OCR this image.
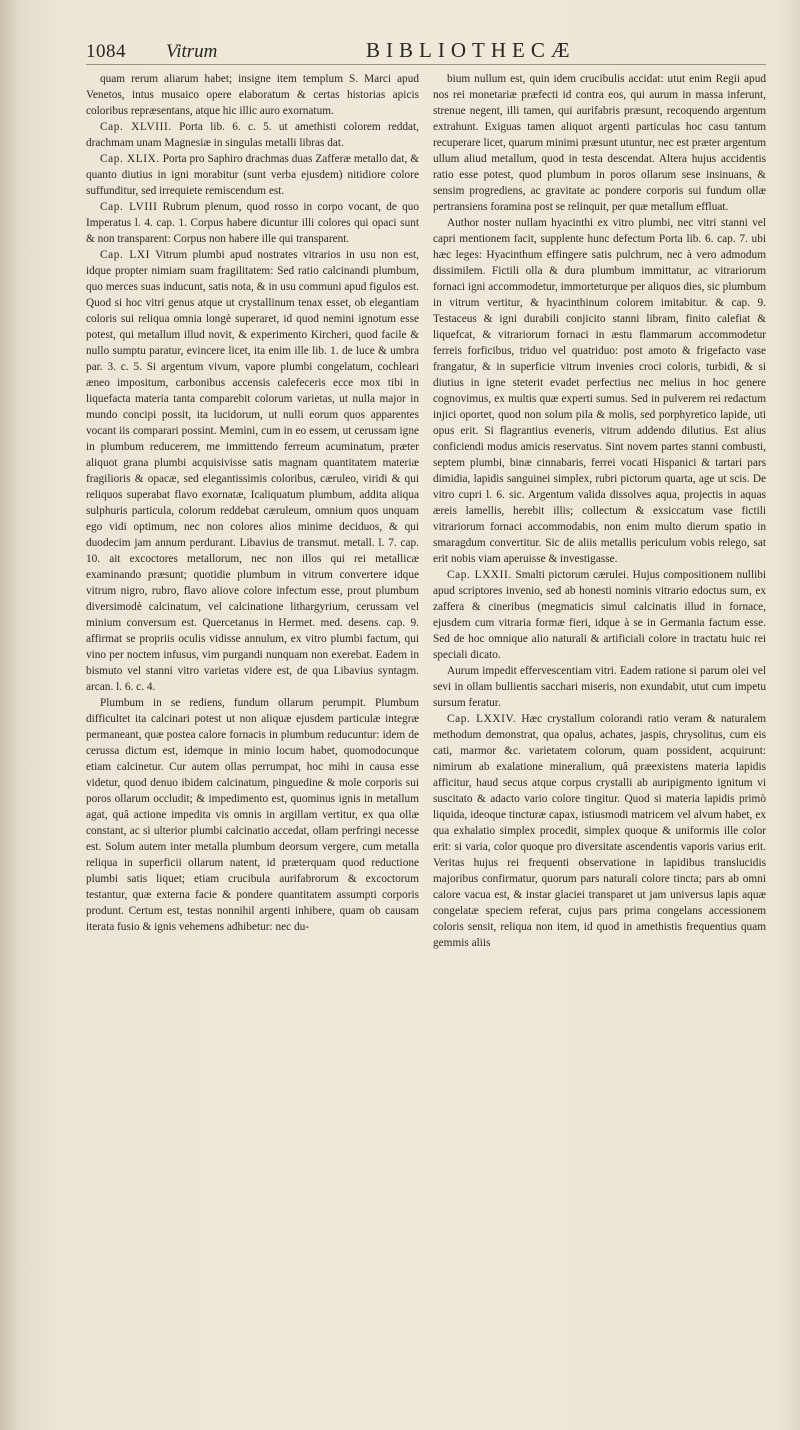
1084	Vitrum	BIBLIOTHECÆ

quam rerum aliarum habet; insigne item templum S. Marci apud Venetos, intus musaico opere elaboratum & certas historias apicis coloribus repræsentans, atque hic illic auro exornatum.

Cap. XLVIII. Porta lib. 6. c. 5. ut amethisti colorem reddat, drachmam unam Magnesiæ in singulas metalli libras dat.

Cap. XLIX. Porta pro Saphiro drachmas duas Zafferæ metallo dat, & quanto diutius in igni morabitur (sunt verba ejusdem) nitidiore colore suffunditur, sed irrequiete remiscendum est.

Cap. LVIII Rubrum plenum, quod rosso in corpo vocant, de quo Imperatus l. 4. cap. 1. Corpus habere dicuntur illi colores qui opaci sunt & non transparent: Corpus non habere ille qui transparent.

Cap. LXI Vitrum plumbi apud nostrates vitrarios in usu non est, idque propter nimiam suam fragilitatem: Sed ratio calcinandi plumbum, quo merces suas inducunt, satis nota, & in usu communi apud figulos est. Quod si hoc vitri genus atque ut crystallinum tenax esset, ob elegantiam coloris sui reliqua omnia longè superaret, id quod nemini ignotum esse potest, qui metallum illud novit, & experimento Kircheri, quod facile & nullo sumptu paratur, evincere licet, ita enim ille lib. 1. de luce & umbra par. 3. c. 5. Si argentum vivum, vapore plumbi congelatum, cochleari æneo impositum, carbonibus accensis calefeceris ecce mox tibi in liquefacta materia tanta comparebit colorum varietas, ut nulla major in mundo concipi possit, ita lucidorum, ut nulli eorum quos apparentes vocant iis comparari possint. Memini, cum in eo essem, ut cerussam igne in plumbum reducerem, me immittendo ferreum acuminatum, præter aliquot grana plumbi acquisivisse satis magnam quantitatem materiæ fragilioris & opacæ, sed elegantissimis coloribus, cæruleo, viridi & qui reliquos superabat flavo exornatæ, Icaliquatum plumbum, addita aliqua sulphuris particula, colorum reddebat cæruleum, omnium quos unquam ego vidi optimum, nec non colores alios minime deciduos, & qui duodecim jam annum perdurant. Libavius de transmut. metall. l. 7. cap. 10. ait excoctores metallorum, nec non illos qui rei metallicæ examinando præsunt; quotidie plumbum in vitrum convertere idque vitrum nigro, rubro, flavo aliove colore infectum esse, prout plumbum diversimodè calcinatum, vel calcinatione lithargyrium, cerussam vel minium conversum est. Quercetanus in Hermet. med. desens. cap. 9. affirmat se propriis oculis vidisse annulum, ex vitro plumbi factum, qui vino per noctem infusus, vim purgandi nunquam non exerebat. Eadem in bismuto vel stanni vitro varietas videre est, de qua Libavius syntagm. arcan. l. 6. c. 4.

Plumbum in se rediens, fundum ollarum perumpit. Plumbum difficultet ita calcinari potest ut non aliquæ ejusdem particulæ integræ permaneant, quæ postea calore fornacis in plumbum reducuntur: idem de cerussa dictum est, idemque in minio locum habet, quomodocunque etiam calcinetur. Cur autem ollas perrumpat, hoc mihi in causa esse videtur, quod denuo ibidem calcinatum, pinguedine & mole corporis sui poros ollarum occludit; & impedimento est, quominus ignis in metallum agat, quâ actione impedita vis omnis in argillam vertitur, ex qua ollæ constant, ac si ulterior plumbi calcinatio accedat, ollam perfringi necesse est. Solum autem inter metalla plumbum deorsum vergere, cum metalla reliqua in superficii ollarum natent, id præterquam quod reductione plumbi satis liquet; etiam crucibula aurifabrorum & excoctorum testantur, quæ externa facie & pondere quantitatem assumpti corporis produnt. Certum est, testas nonnihil argenti inhibere, quam ob causam iterata fusio & ignis vehemens adhibetur: nec du-

bium nullum est, quin idem crucibulis accidat: utut enim Regii apud nos rei monetariæ præfecti id contra eos, qui aurum in massa inferunt, strenue negent, illi tamen, qui aurifabris præsunt, recoquendo argentum extrahunt. Exiguas tamen aliquot argenti particulas hoc casu tantum recuperare licet, quarum minimi præsunt utuntur, nec est præter argentum ullum aliud metallum, quod in testa descendat. Altera hujus accidentis ratio esse potest, quod plumbum in poros ollarum sese insinuans, & sensim progrediens, ac gravitate ac pondere corporis sui fundum ollæ pertransiens foramina post se relinquit, per quæ metallum effluat.

Author noster nullam hyacinthi ex vitro plumbi, nec vitri stanni vel capri mentionem facit, supplente hunc defectum Porta lib. 6. cap. 7. ubi hæc leges: Hyacinthum effingere satis pulchrum, nec à vero admodum dissimilem. Fictili olla & dura plumbum immittatur, ac vitrariorum fornaci igni accommodetur, immorteturque per aliquos dies, sic plumbum in vitrum vertitur, & hyacinthinum colorem imitabitur. & cap. 9. Testaceus & igni durabili conjicito stanni libram, finito calefiat & liquefcat, & vitrariorum fornaci in æstu flammarum accommodetur ferreis forficibus, triduo vel quatriduo: post amoto & frigefacto vase frangatur, & in superficie vitrum invenies croci coloris, turbidi, & si diutius in igne steterit evadet perfectius nec melius in hoc genere cognovimus, ex multis quæ experti sumus. Sed in pulverem rei redactum injici oportet, quod non solum pila & molis, sed porphyretico lapide, uti opus erit. Si flagrantius eveneris, vitrum addendo dilutius. Est alius conficiendi modus amicis reservatus. Sint novem partes stanni combusti, septem plumbi, binæ cinnabaris, ferrei vocati Hispanici & tartari pars dimidia, lapidis sanguinei simplex, rubri pictorum quarta, age ut scis. De vitro cupri l. 6. sic. Argentum valida dissolves aqua, projectis in aquas æreis lamellis, herebit illis; collectum & exsiccatum vase fictili vitrariorum fornaci accommodabis, non enim multo dierum spatio in smaragdum convertitur. Sic de aliis metallis periculum vobis relego, sat erit nobis viam aperuisse & investigasse.

Cap. LXXII. Smalti pictorum cærulei. Hujus compositionem nullibi apud scriptores invenio, sed ab honesti nominis vitrario edoctus sum, ex zaffera & cineribus (megmaticis simul calcinatis illud in fornace, ejusdem cum vitraria formæ fieri, idque à se in Germania factum esse. Sed de hoc omnique alio naturali & artificiali colore in tractatu huic rei speciali dicato.

Aurum impedit effervescentiam vitri. Eadem ratione si parum olei vel sevi in ollam bullientis sacchari miseris, non exundabit, utut cum impetu sursum feratur.

Cap. LXXIV. Hæc crystallum colorandi ratio veram & naturalem methodum demonstrat, qua opalus, achates, jaspis, chrysolitus, cum eis cati, marmor &c. varietatem colorum, quam possident, acquirunt: nimirum ab exalatione mineralium, quâ præexistens materia lapidis afficitur, haud secus atque corpus crystalli ab auripigmento ignitum vi suscitato & adacto vario colore tingitur. Quod si materia lapidis primò liquida, ideoque tincturæ capax, istiusmodi matricem vel alvum habet, ex qua exhalatio simplex procedit, simplex quoque & uniformis ille color erit: si varia, color quoque pro diversitate ascendentis vaporis varius erit. Veritas hujus rei frequenti observatione in lapidibus translucidis majoribus confirmatur, quorum pars naturali colore tincta; pars ab omni calore vacua est, & instar glaciei transparet ut jam universus lapis aquæ congelatæ speciem referat, cujus pars prima congelans accessionem coloris sensit, reliqua non item, id quod in amethistis frequentius quam gemmis aliis
